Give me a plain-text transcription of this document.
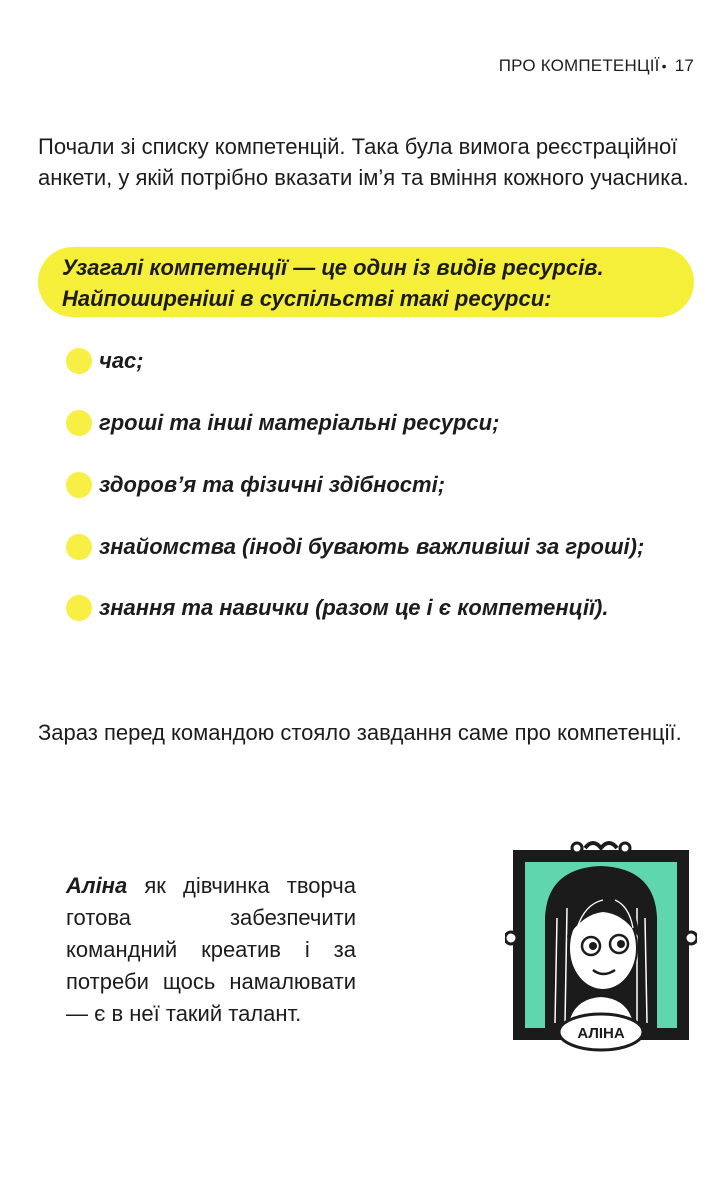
ПРО КОМПЕТЕНЦІЇ • 17

Почали зі списку компетенцій. Така була вимога реєстраційної анкети, у якій потрібно вказати ім’я та вміння кожного учасника.

Узагалі компетенції — це один із видів ресурсів. Найпоширеніші в суспільстві такі ресурси:

час;
гроші та інші матеріальні ресурси;
здоров’я та фізичні здібності;
знайомства (іноді бувають важливіші за гроші);
знання та навички (разом це і є компетенції).

Зараз перед командою стояло завдання саме про компетенції.

Аліна як дівчинка творча готова забезпечити командний креатив і за потреби щось намалювати — є в неї такий талант.

АЛІНА
